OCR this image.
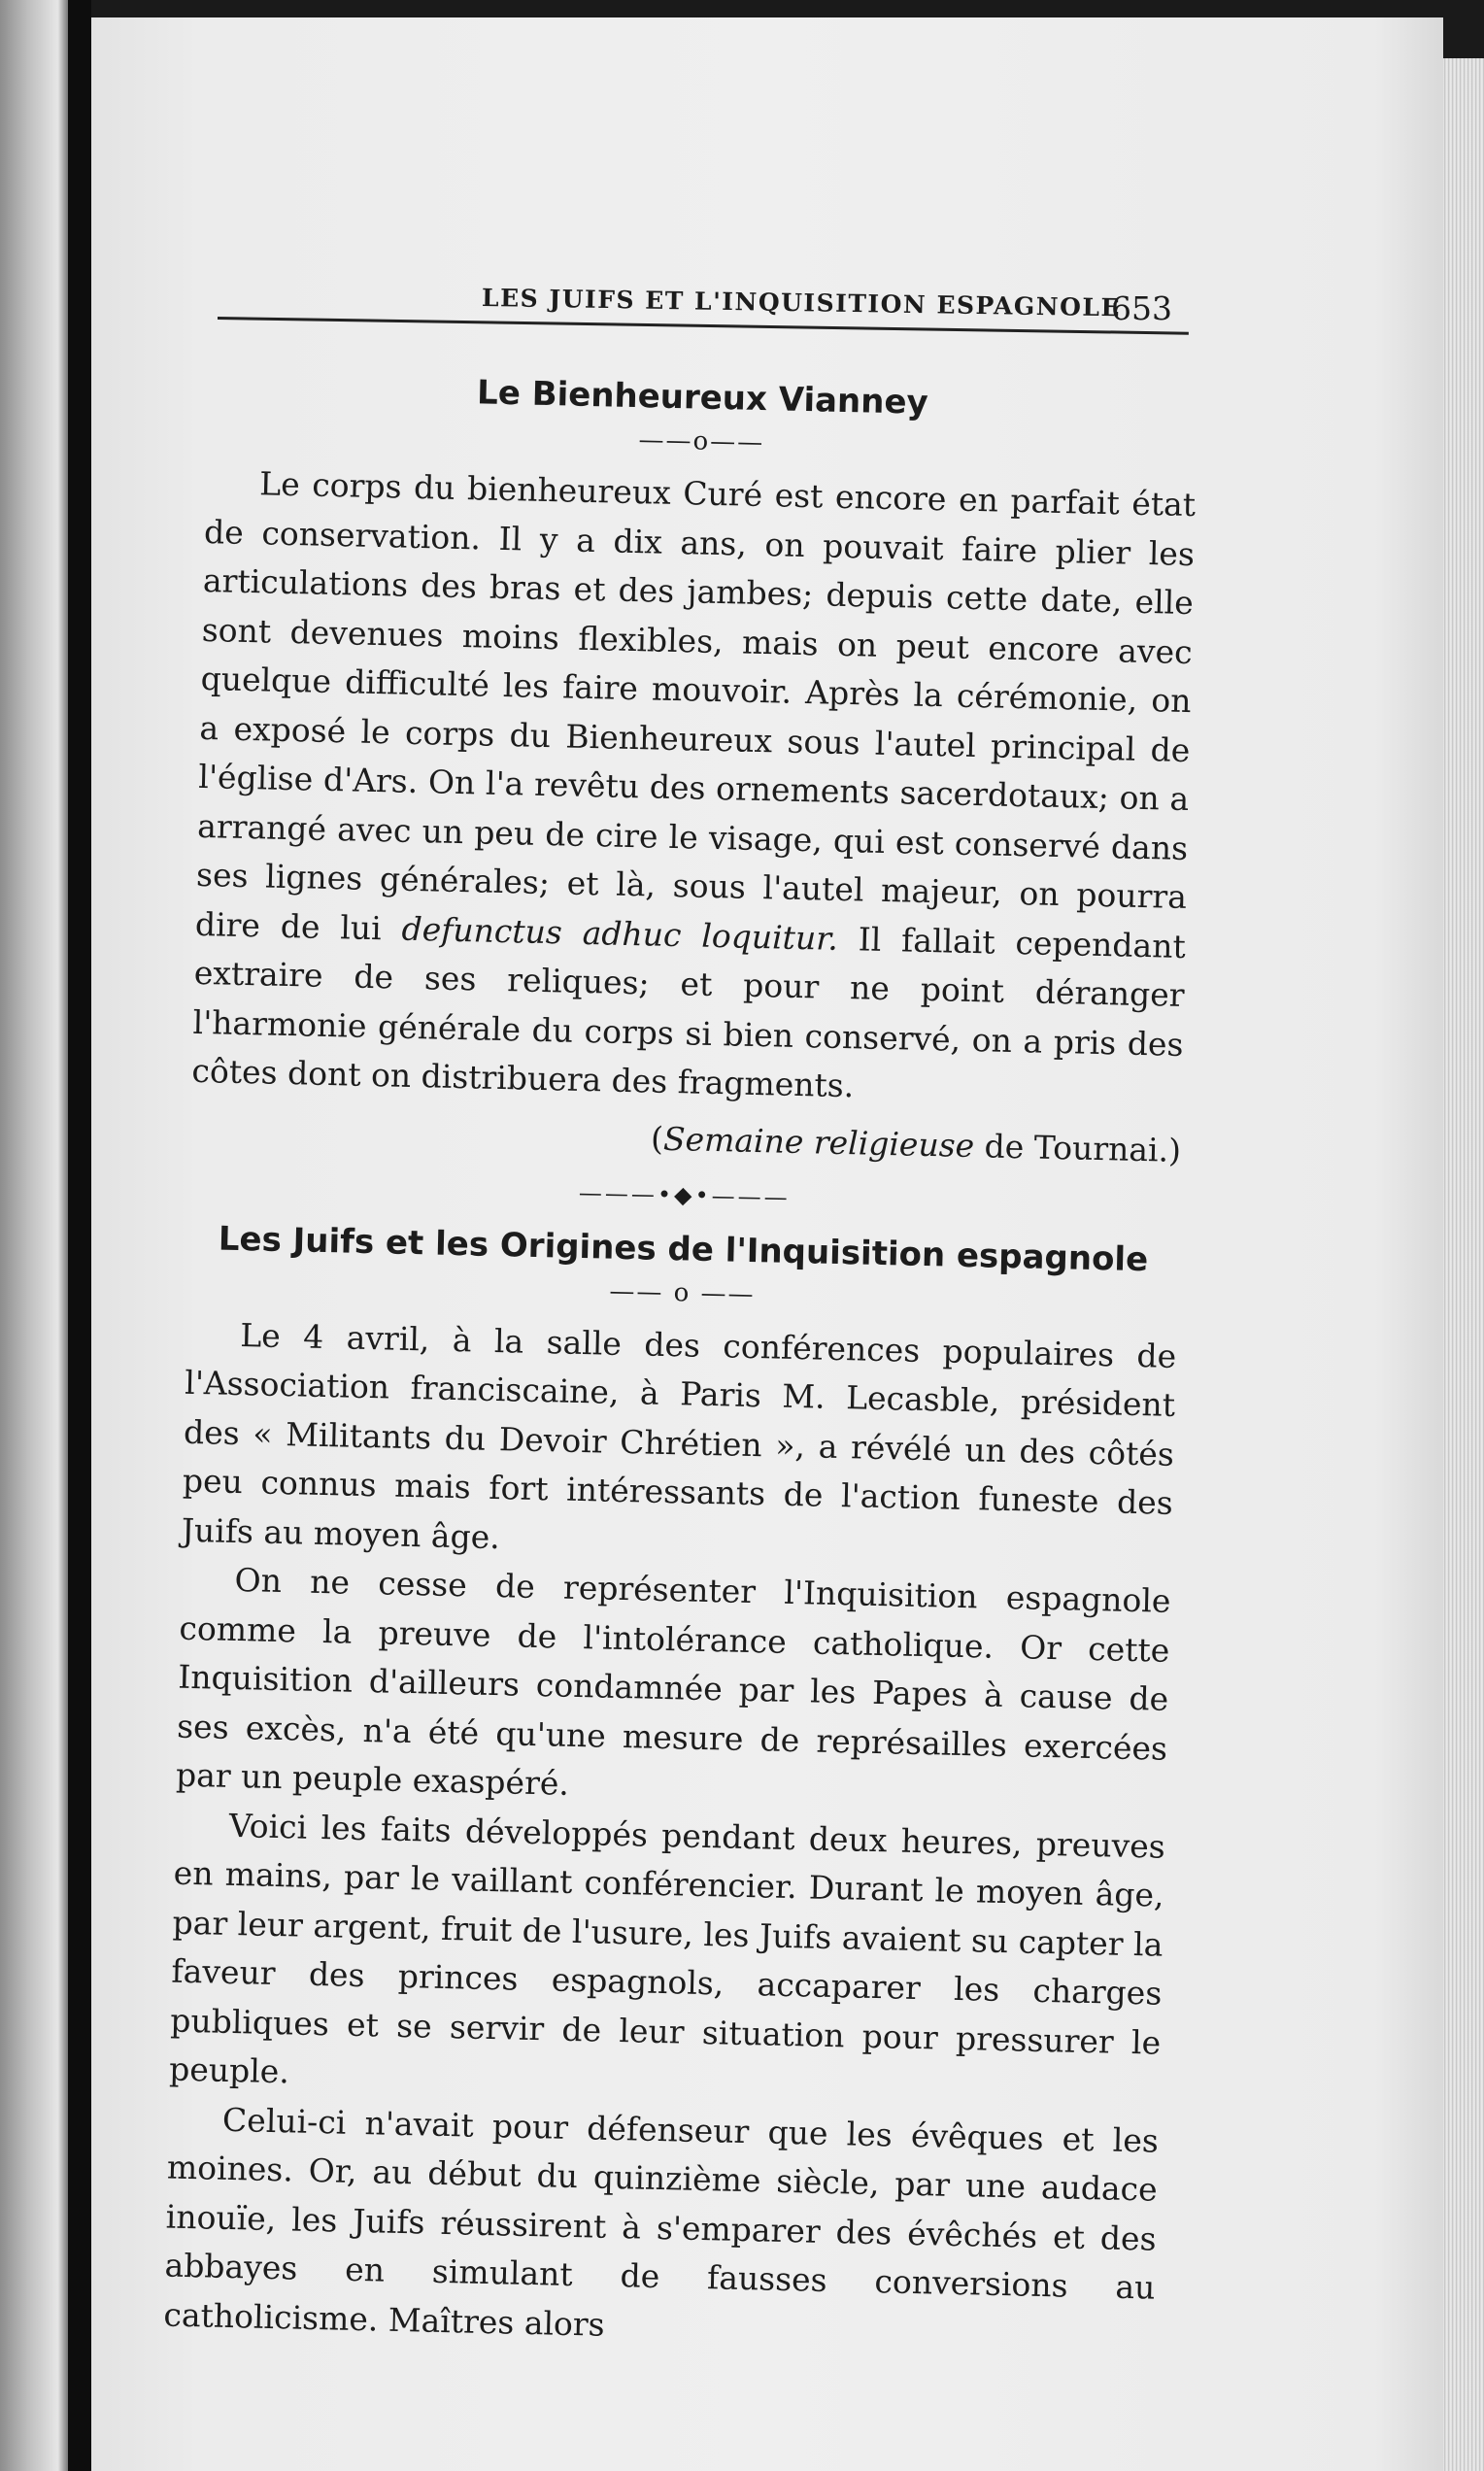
LES JUIFS ET L'INQUISITION ESPAGNOLE
653
Le Bienheureux Vianney
——o——

Le corps du bienheureux Curé est encore en parfait état de conservation. Il y a dix ans, on pouvait faire plier les articulations des bras et des jambes; depuis cette date, elle sont devenues moins flexibles, mais on peut encore avec quelque difficulté les faire mouvoir. Après la cérémonie, on a exposé le corps du Bienheureux sous l'autel principal de l'église d'Ars. On l'a revêtu des ornements sacerdotaux; on a arrangé avec un peu de cire le visage, qui est conservé dans ses lignes générales; et là, sous l'autel majeur, on pourra dire de lui defunctus adhuc loquitur. Il fallait cependant extraire de ses reliques; et pour ne point déranger l'harmonie générale du corps si bien conservé, on a pris des côtes dont on distribuera des fragments.

(Semaine religieuse de Tournai.)

———•◆•———
Les Juifs et les Origines de l'Inquisition espagnole
—— o ——

Le 4 avril, à la salle des conférences populaires de l'Association franciscaine, à Paris M. Lecasble, président des « Militants du Devoir Chrétien », a révélé un des côtés peu connus mais fort intéressants de l'action funeste des Juifs au moyen âge.

On ne cesse de représenter l'Inquisition espagnole comme la preuve de l'intolérance catholique. Or cette Inquisition d'ailleurs condamnée par les Papes à cause de ses excès, n'a été qu'une mesure de représailles exercées par un peuple exaspéré.

Voici les faits développés pendant deux heures, preuves en mains, par le vaillant conférencier. Durant le moyen âge, par leur argent, fruit de l'usure, les Juifs avaient su capter la faveur des princes espagnols, accaparer les charges publiques et se servir de leur situation pour pressurer le peuple.

Celui-ci n'avait pour défenseur que les évêques et les moines. Or, au début du quinzième siècle, par une audace inouïe, les Juifs réussirent à s'emparer des évêchés et des abbayes en simulant de fausses conversions au catholicisme. Maîtres alors
